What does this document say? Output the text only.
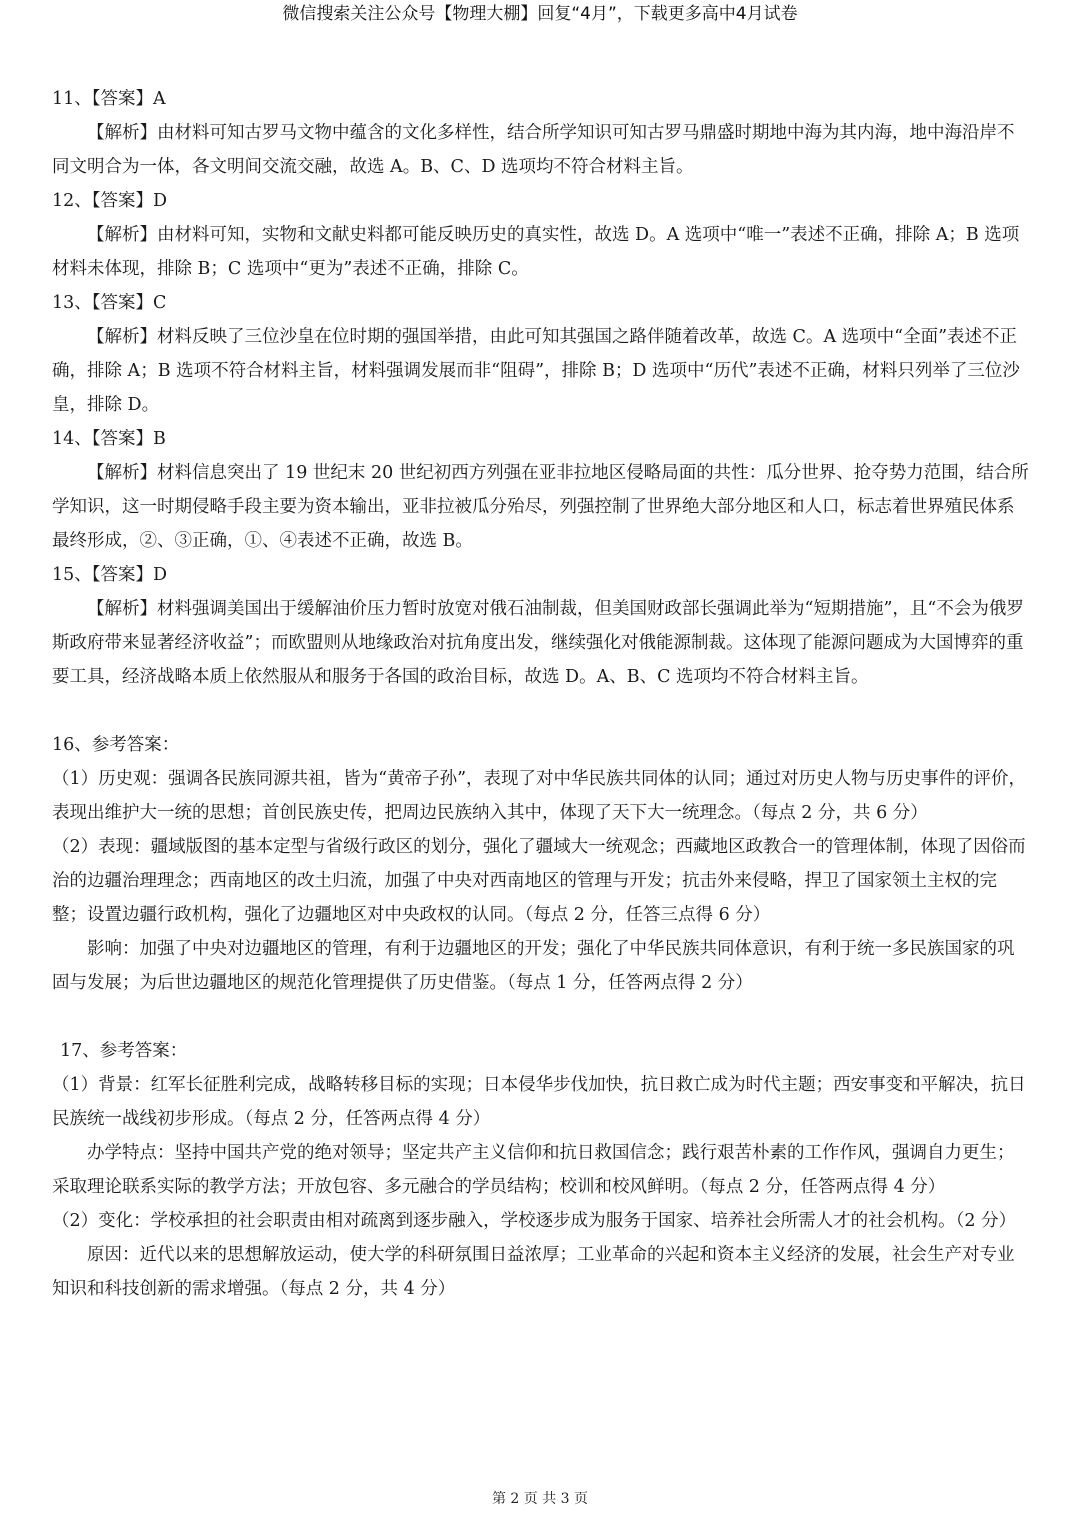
微信搜索关注公众号【物理大棚】回复“4月”，下载更多高中4月试卷
11、【答案】A
【解析】由材料可知古罗马文物中蕴含的文化多样性，结合所学知识可知古罗马鼎盛时期地中海为其内海，地中海沿岸不同文明合为一体，各文明间交流交融，故选 A。B、C、D 选项均不符合材料主旨。
12、【答案】D
【解析】由材料可知，实物和文献史料都可能反映历史的真实性，故选 D。A 选项中“唯一”表述不正确，排除 A；B 选项材料未体现，排除 B；C 选项中“更为”表述不正确，排除 C。
13、【答案】C
【解析】材料反映了三位沙皇在位时期的强国举措，由此可知其强国之路伴随着改革，故选 C。A 选项中“全面”表述不正确，排除 A；B 选项不符合材料主旨，材料强调发展而非“阻碍”，排除 B；D 选项中“历代”表述不正确，材料只列举了三位沙皇，排除 D。
14、【答案】B
【解析】材料信息突出了 19 世纪末 20 世纪初西方列强在亚非拉地区侵略局面的共性：瓜分世界、抢夺势力范围，结合所学知识，这一时期侵略手段主要为资本输出，亚非拉被瓜分殆尽，列强控制了世界绝大部分地区和人口，标志着世界殖民体系最终形成，②、③正确，①、④表述不正确，故选 B。
15、【答案】D
【解析】材料强调美国出于缓解油价压力暂时放宽对俄石油制裁，但美国财政部长强调此举为“短期措施”，且“不会为俄罗斯政府带来显著经济收益”；而欧盟则从地缘政治对抗角度出发，继续强化对俄能源制裁。这体现了能源问题成为大国博弈的重要工具，经济战略本质上依然服从和服务于各国的政治目标，故选 D。A、B、C 选项均不符合材料主旨。
16、参考答案：
（1）历史观：强调各民族同源共祖，皆为“黄帝子孙”，表现了对中华民族共同体的认同；通过对历史人物与历史事件的评价，表现出维护大一统的思想；首创民族史传，把周边民族纳入其中，体现了天下大一统理念。（每点 2 分，共 6 分）
（2）表现：疆域版图的基本定型与省级行政区的划分，强化了疆域大一统观念；西藏地区政教合一的管理体制，体现了因俗而治的边疆治理理念；西南地区的改土归流，加强了中央对西南地区的管理与开发；抗击外来侵略，捍卫了国家领土主权的完整；设置边疆行政机构，强化了边疆地区对中央政权的认同。（每点 2 分，任答三点得 6 分）
影响：加强了中央对边疆地区的管理，有利于边疆地区的开发；强化了中华民族共同体意识，有利于统一多民族国家的巩固与发展；为后世边疆地区的规范化管理提供了历史借鉴。（每点 1 分，任答两点得 2 分）
17、参考答案：
（1）背景：红军长征胜利完成，战略转移目标的实现；日本侵华步伐加快，抗日救亡成为时代主题；西安事变和平解决，抗日民族统一战线初步形成。（每点 2 分，任答两点得 4 分）
办学特点：坚持中国共产党的绝对领导；坚定共产主义信仰和抗日救国信念；践行艰苦朴素的工作作风，强调自力更生；采取理论联系实际的教学方法；开放包容、多元融合的学员结构；校训和校风鲜明。（每点 2 分，任答两点得 4 分）
（2）变化：学校承担的社会职责由相对疏离到逐步融入，学校逐步成为服务于国家、培养社会所需人才的社会机构。（2 分）
原因：近代以来的思想解放运动，使大学的科研氛围日益浓厚；工业革命的兴起和资本主义经济的发展，社会生产对专业知识和科技创新的需求增强。（每点 2 分，共 4 分）
第 2 页 共 3 页
